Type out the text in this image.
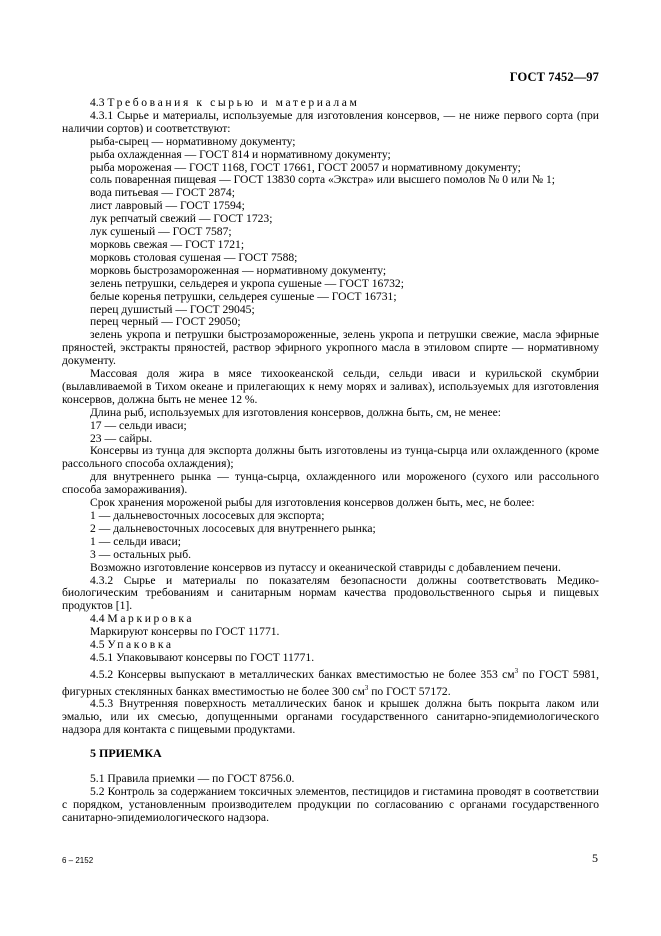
ГОСТ 7452—97

4.3 Требования к сырью и материалам

4.3.1 Сырье и материалы, используемые для изготовления консервов, — не ниже первого сорта (при наличии сортов) и соответствуют:

рыба-сырец — нормативному документу;

рыба охлажденная — ГОСТ 814 и нормативному документу;

рыба мороженая — ГОСТ 1168, ГОСТ 17661, ГОСТ 20057 и нормативному документу;

соль поваренная пищевая — ГОСТ 13830 сорта «Экстра» или высшего помолов № 0 или № 1;

вода питьевая — ГОСТ 2874;

лист лавровый — ГОСТ 17594;

лук репчатый свежий — ГОСТ 1723;

лук сушеный — ГОСТ 7587;

морковь свежая — ГОСТ 1721;

морковь столовая сушеная — ГОСТ 7588;

морковь быстрозамороженная — нормативному документу;

зелень петрушки, сельдерея и укропа сушеные — ГОСТ 16732;

белые коренья петрушки, сельдерея сушеные — ГОСТ 16731;

перец душистый — ГОСТ 29045;

перец черный — ГОСТ 29050;

зелень укропа и петрушки быстрозамороженные, зелень укропа и петрушки свежие, масла эфирные пряностей, экстракты пряностей, раствор эфирного укропного масла в этиловом спирте — нормативному документу.

Массовая доля жира в мясе тихоокеанской сельди, сельди иваси и курильской скумбрии (вылавливаемой в Тихом океане и прилегающих к нему морях и заливах), используемых для изготовления консервов, должна быть не менее 12 %.

Длина рыб, используемых для изготовления консервов, должна быть, см, не менее:

17 — сельди иваси;

23 — сайры.

Консервы из тунца для экспорта должны быть изготовлены из тунца-сырца или охлажденного (кроме рассольного способа охлаждения);

для внутреннего рынка — тунца-сырца, охлажденного или мороженого (сухого или рассольного способа замораживания).

Срок хранения мороженой рыбы для изготовления консервов должен быть, мес, не более:

1 — дальневосточных лососевых для экспорта;

2 — дальневосточных лососевых для внутреннего рынка;

1 — сельди иваси;

3 — остальных рыб.

Возможно изготовление консервов из путассу и океанической ставриды с добавлением печени.

4.3.2 Сырье и материалы по показателям безопасности должны соответствовать Медико-биологическим требованиям и санитарным нормам качества продовольственного сырья и пищевых продуктов [1].

4.4 Маркировка

Маркируют консервы по ГОСТ 11771.

4.5 Упаковка

4.5.1 Упаковывают консервы по ГОСТ 11771.

4.5.2 Консервы выпускают в металлических банках вместимостью не более 353 $см^3$ по ГОСТ 5981, фигурных стеклянных банках вместимостью не более 300 $см^3$ по ГОСТ 57172.

4.5.3 Внутренняя поверхность металлических банок и крышек должна быть покрыта лаком или эмалью, или их смесью, допущенными органами государственного санитарно-эпидемиологического надзора для контакта с пищевыми продуктами.

5 ПРИЕМКА

5.1 Правила приемки — по ГОСТ 8756.0.

5.2 Контроль за содержанием токсичных элементов, пестицидов и гистамина проводят в соответствии с порядком, установленным производителем продукции по согласованию с органами государственного санитарно-эпидемиологического надзора.

6 – 2152	5
